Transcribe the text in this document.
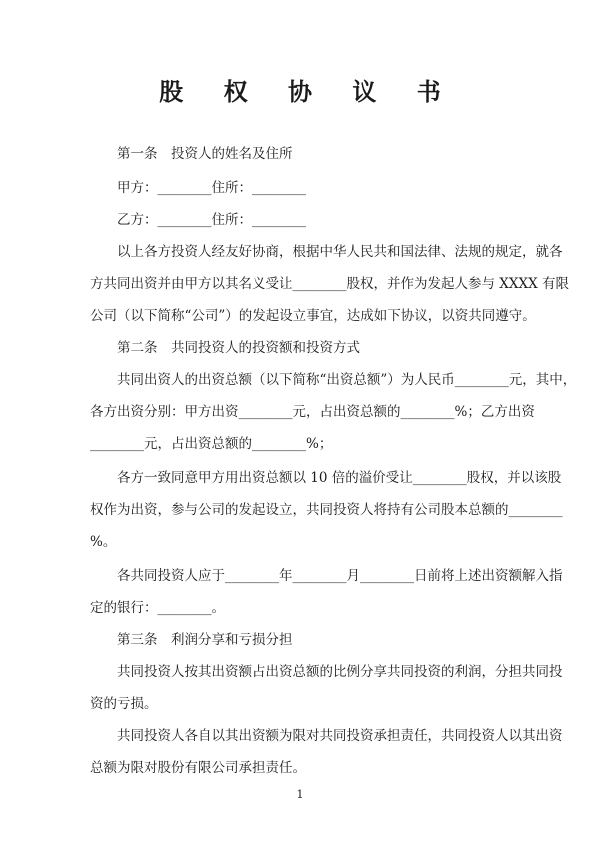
股 权 协 议 书
第一条　投资人的姓名及住所
甲方：________住所：________
乙方：________住所：________
以上各方投资人经友好协商，根据中华人民共和国法律、法规的规定，就各
方共同出资并由甲方以其名义受让________股权，并作为发起人参与 XXXX 有限
公司（以下简称“公司”）的发起设立事宜，达成如下协议，以资共同遵守。
第二条　共同投资人的投资额和投资方式
共同出资人的出资总额（以下简称“出资总额”）为人民币________元，其中，
各方出资分别：甲方出资________元，占出资总额的________%；乙方出资
________元，占出资总额的________%；
各方一致同意甲方用出资总额以 10 倍的溢价受让________股权，并以该股
权作为出资，参与公司的发起设立，共同投资人将持有公司股本总额的________
%。
各共同投资人应于________年________月________日前将上述出资额解入指
定的银行：________。
第三条　利润分享和亏损分担
共同投资人按其出资额占出资总额的比例分享共同投资的利润，分担共同投
资的亏损。
共同投资人各自以其出资额为限对共同投资承担责任，共同投资人以其出资
总额为限对股份有限公司承担责任。
1
